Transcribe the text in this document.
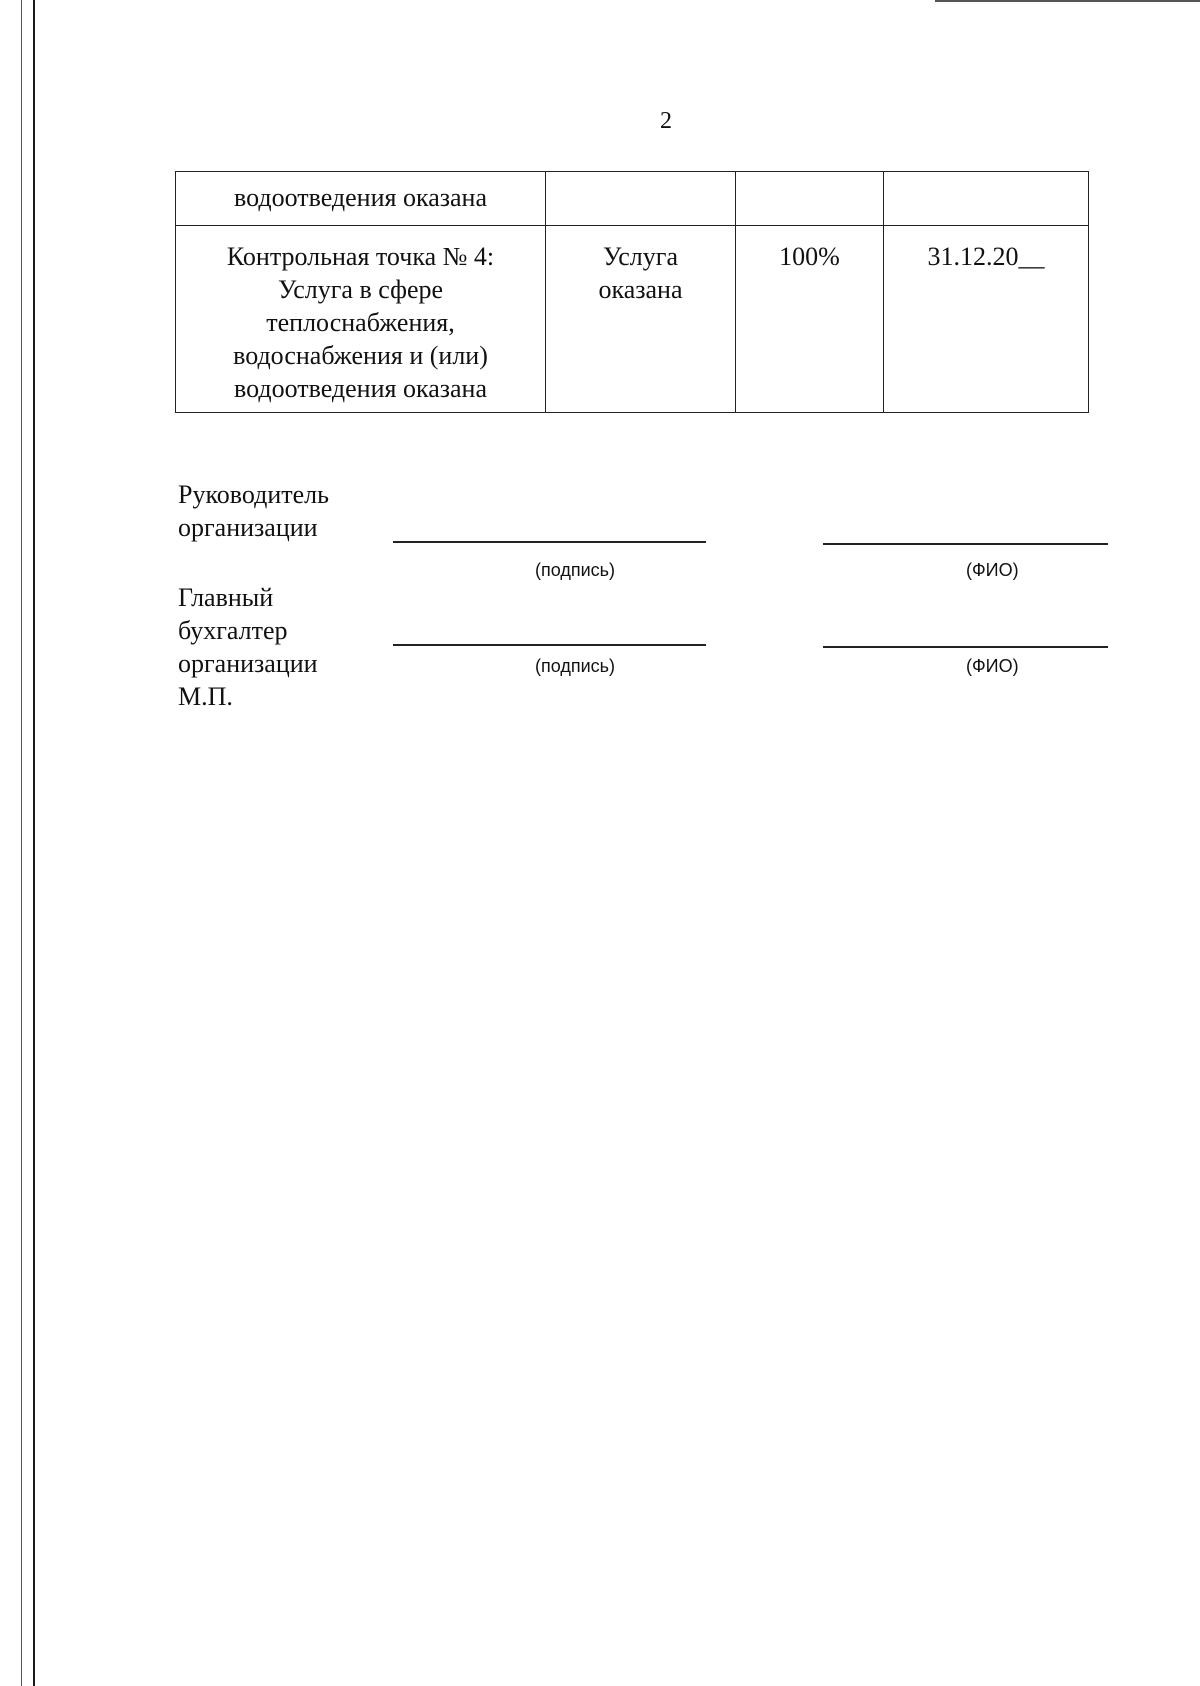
2
водоотведения оказана			

Контрольная точка № 4: Услуга в сфере теплоснабжения, водоснабжения и (или) водоотведения оказана	Услуга оказана	100%	31.12.20__
Руководитель организации
(подпись)	(ФИО)
Главный бухгалтер организации	(подпись)	(ФИО)
М.П.
